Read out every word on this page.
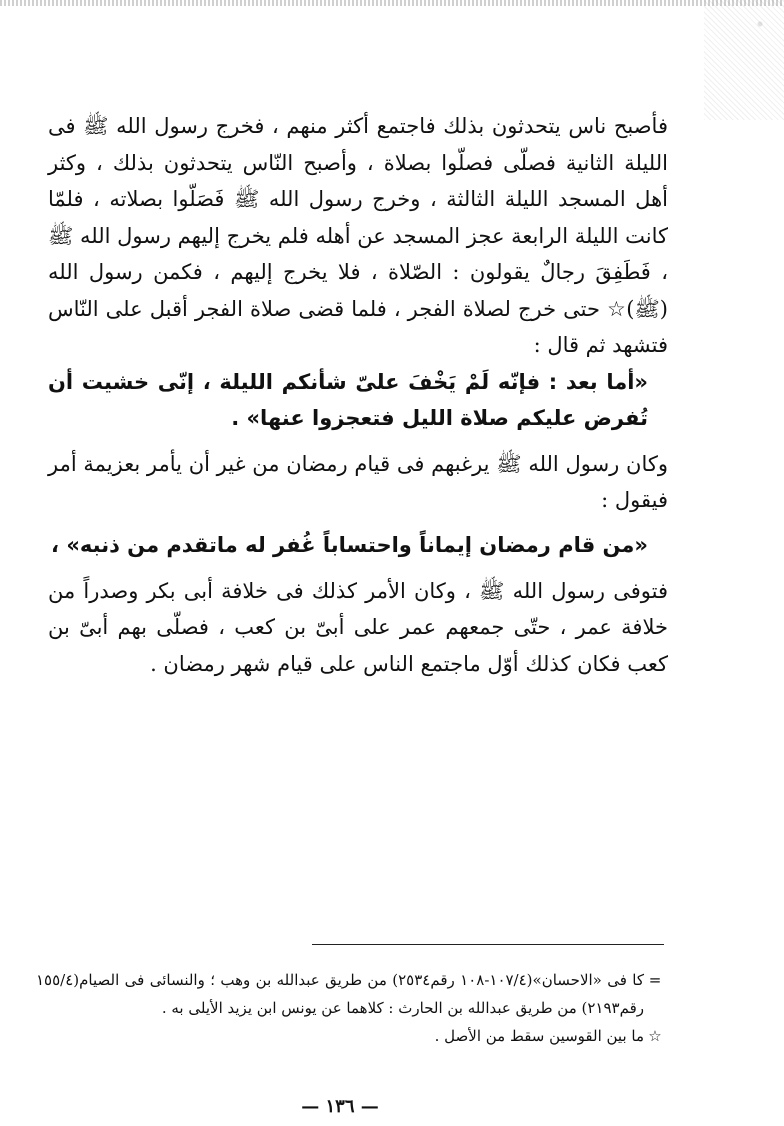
فأصبح ناس يتحدثون بذلك فاجتمع أكثر منهم ، فخرج رسول الله ﷺ فى الليلة الثانية فصلّى فصلّوا بصلاة ، وأصبح النّاس يتحدثون بذلك ، وكثر أهل المسجد الليلة الثالثة ، وخرج رسول الله ﷺ فَصَلّوا بصلاته ، فلمّا كانت الليلة الرابعة عجز المسجد عن أهله فلم يخرج إليهم رسول الله ﷺ ، فَطَفِقَ رجالٌ يقولون : الصّلاة ، فلا يخرج إليهم ، فكمن رسول الله (ﷺ)☆ حتى خرج لصلاة الفجر ، فلما قضى صلاة الفجر أقبل على النّاس فتشهد ثم قال :

«أما بعد : فإنّه لَمْ يَخْفَ علىّ شأنكم الليلة ، إنّى خشيت أن تُفرض عليكم صلاة الليل فتعجزوا عنها» .

وكان رسول الله ﷺ يرغبهم فى قيام رمضان من غير أن يأمر بعزيمة أمر فيقول :

«من قام رمضان إيماناً واحتساباً غُفر له ماتقدم من ذنبه» ،

فتوفى رسول الله ﷺ ، وكان الأمر كذلك فى خلافة أبى بكر وصدراً من خلافة عمر ، حتّى جمعهم عمر على أبىّ بن كعب ، فصلّى بهم أبىّ بن كعب فكان كذلك أوّل ماجتمع الناس على قيام شهر رمضان .

=
كا فى «الاحسان»(١٠٧/٤-١٠٨ رقم٢٥٣٤) من طريق عبدالله بن وهب ؛ والنسائى فى الصيام(١٥٥/٤ رقم٢١٩٣) من طريق عبدالله بن الحارث : كلاهما عن يونس ابن يزيد الأيلى به .
☆
ما بين القوسين سقط من الأصل .
— ١٣٦ —
